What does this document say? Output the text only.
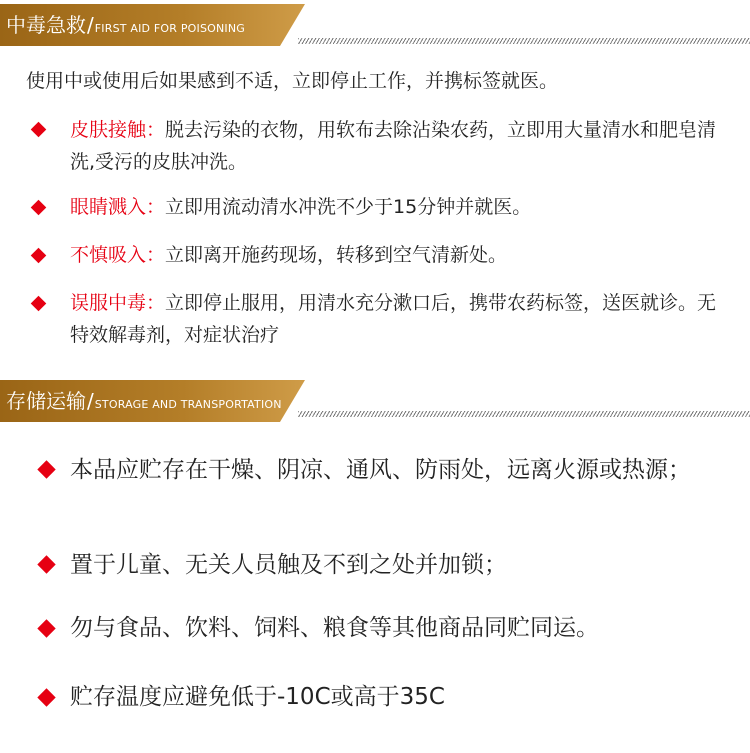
中毒急救/FIRST AID FOR POISONING
使用中或使用后如果感到不适，立即停止工作，并携标签就医。
皮肤接触：脱去污染的衣物，用软布去除沾染农药，立即用大量清水和肥皂清洗,受污的皮肤冲洗。
眼睛溅入：立即用流动清水冲洗不少于15分钟并就医。
不慎吸入：立即离开施药现场，转移到空气清新处。
误服中毒：立即停止服用，用清水充分漱口后，携带农药标签，送医就诊。无特效解毒剂，对症状治疗
存储运输/STORAGE AND TRANSPORTATION
本品应贮存在干燥、阴凉、通风、防雨处，远离火源或热源；
置于儿童、无关人员触及不到之处并加锁；
勿与食品、饮料、饲料、粮食等其他商品同贮同运。
贮存温度应避免低于-10C或高于35C
